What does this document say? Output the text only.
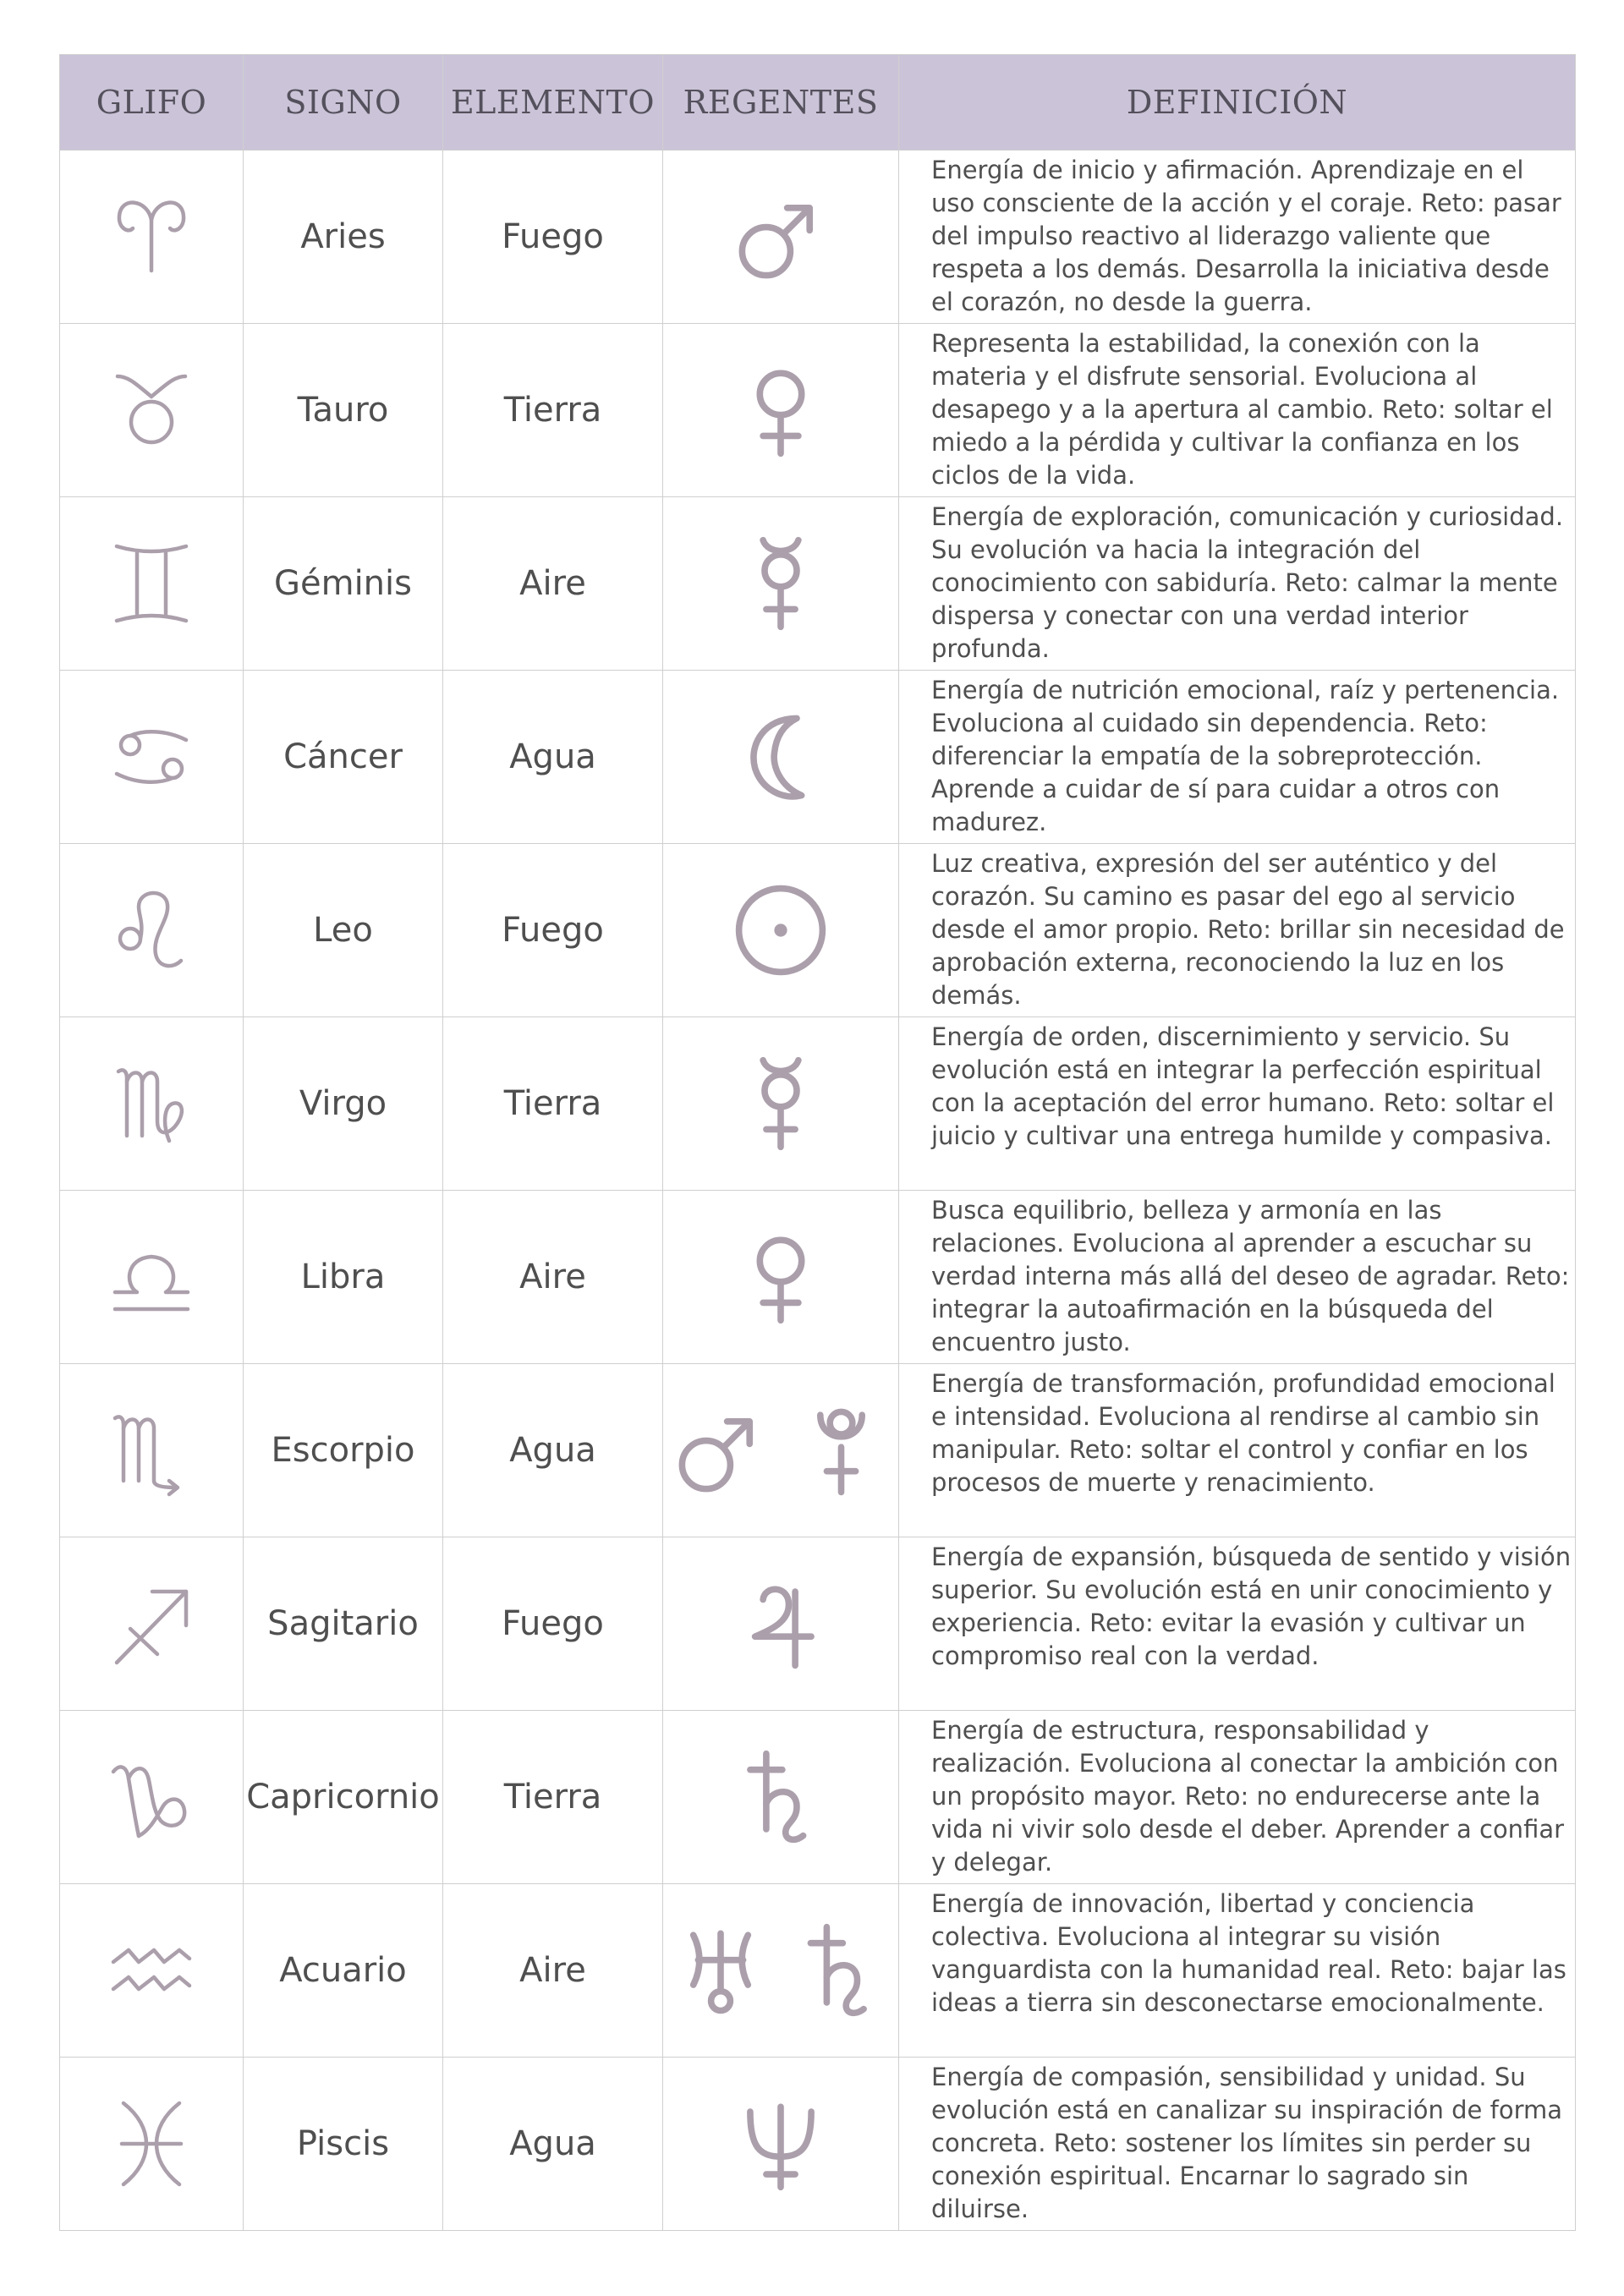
GLIFO	SIGNO	ELEMENTO	REGENTES	DEFINICIÓN

	Aries	Fuego		Energía de inicio y afirmación. Aprendizaje en el uso consciente de la acción y el coraje. Reto: pasar del impulso reactivo al liderazgo valiente que respeta a los demás. Desarrolla la iniciativa desde el corazón, no desde la guerra.

	Tauro	Tierra		Representa la estabilidad, la conexión con la materia y el disfrute sensorial. Evoluciona al desapego y a la apertura al cambio. Reto: soltar el miedo a la pérdida y cultivar la confianza en los ciclos de la vida.

	Géminis	Aire		Energía de exploración, comunicación y curiosidad. Su evolución va hacia la integración del conocimiento con sabiduría. Reto: calmar la mente dispersa y conectar con una verdad interior profunda.

	Cáncer	Agua		Energía de nutrición emocional, raíz y pertenencia. Evoluciona al cuidado sin dependencia. Reto: diferenciar la empatía de la sobreprotección. Aprende a cuidar de sí para cuidar a otros con madurez.

	Leo	Fuego		Luz creativa, expresión del ser auténtico y del corazón. Su camino es pasar del ego al servicio desde el amor propio. Reto: brillar sin necesidad de aprobación externa, reconociendo la luz en los demás.

	Virgo	Tierra		Energía de orden, discernimiento y servicio. Su evolución está en integrar la perfección espiritual con la aceptación del error humano. Reto: soltar el juicio y cultivar una entrega humilde y compasiva.

	Libra	Aire		Busca equilibrio, belleza y armonía en las relaciones. Evoluciona al aprender a escuchar su verdad interna más allá del deseo de agradar. Reto: integrar la autoafirmación en la búsqueda del encuentro justo.

	Escorpio	Agua		Energía de transformación, profundidad emocional e intensidad. Evoluciona al rendirse al cambio sin manipular. Reto: soltar el control y confiar en los procesos de muerte y renacimiento.

	Sagitario	Fuego		Energía de expansión, búsqueda de sentido y visión superior. Su evolución está en unir conocimiento y experiencia. Reto: evitar la evasión y cultivar un compromiso real con la verdad.

	Capricornio	Tierra		Energía de estructura, responsabilidad y realización. Evoluciona al conectar la ambición con un propósito mayor. Reto: no endurecerse ante la vida ni vivir solo desde el deber. Aprender a confiar y delegar.

	Acuario	Aire		Energía de innovación, libertad y conciencia colectiva. Evoluciona al integrar su visión vanguardista con la humanidad real. Reto: bajar las ideas a tierra sin desconectarse emocionalmente.

	Piscis	Agua		Energía de compasión, sensibilidad y unidad. Su evolución está en canalizar su inspiración de forma concreta. Reto: sostener los límites sin perder su conexión espiritual. Encarnar lo sagrado sin diluirse.
